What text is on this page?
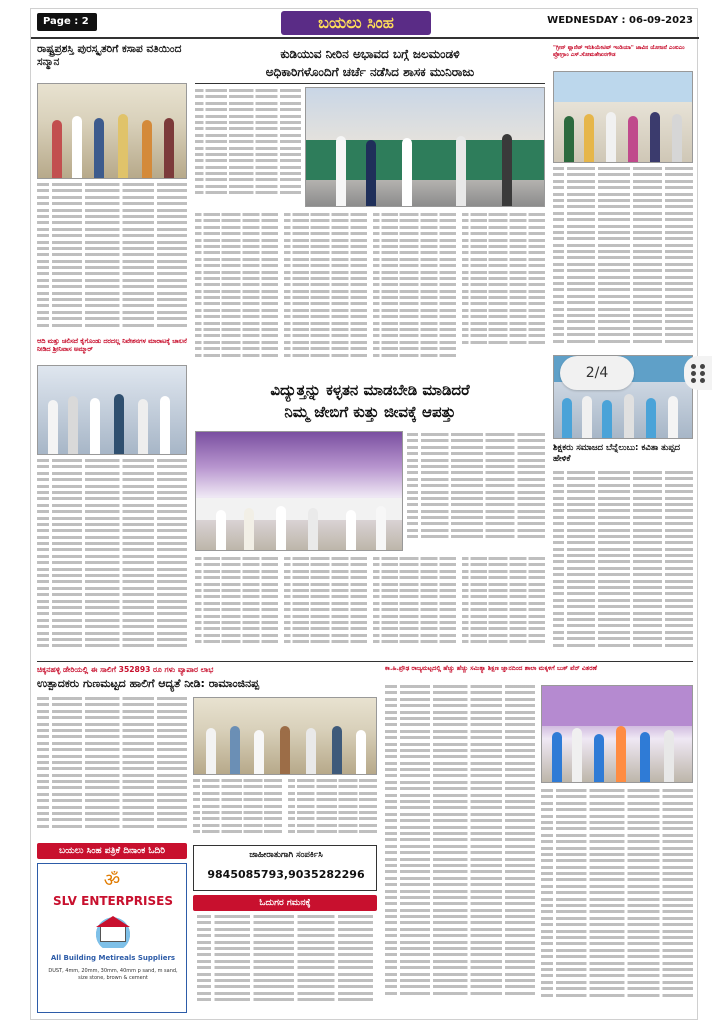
Page : 2	ಬಯಲು ಸಿಂಹ	WEDNESDAY : 06-09-2023
ರಾಷ್ಟ್ರಪ್ರಶಸ್ತಿ ಪುರಸ್ಕೃತರಿಗೆ ಕಸಾಪ ವತಿಯಿಂದ ಸನ್ಮಾನ
ಆದಿ ಮತ್ತು ಚಲಿಸದೆ ಕೈಗೊಂಡು ದರದಲ್ಲ ನಿವೇಶನಗಳ ಮಾರಾಟಕ್ಕೆ ಚಾಲನೆ ನೀಡಿದ ಶ್ರೀನಿವಾಸ ಅಮ್ಮಾರ್
ಕುಡಿಯುವ ನೀರಿನ ಅಭಾವದ ಬಗ್ಗೆ ಜಲಮಂಡಳಿ
ಅಧಿಕಾರಿಗಳೊಂದಿಗೆ ಚರ್ಚೆ ನಡೆಸಿದ ಶಾಸಕ ಮುನಿರಾಜು
ವಿದ್ಯುತ್ತನ್ನು ಕಳ್ಳತನ ಮಾಡಬೇಡಿ ಮಾಡಿದರೆ
ನಿಮ್ಮ ಜೇಬಿಗೆ ಕುತ್ತು ಜೀವಕ್ಕೆ ಆಪತ್ತು
"ಗ್ರೀನ್ ಪ್ಲಾನೆಟ್ ಇನಿಶಿಯೇಟಿವ್ ಇಂಡಿಯಾ" ಜಾವಿನ ಯೋಜನೆ ಎಂಐಎಂ ಪ್ರೋಗ್ರಾಂ ಎಸ್.ಸೋಮಶೇಖರಗೌಡ
ಶಿಕ್ಷಕರು ಸಮಾಜದ ಬೆನ್ನೆಲುಬು: ಕವಿತಾ ತುಪ್ಪದ ಹೇಳಿಕೆ
ಚಿಕ್ಕನಹಳ್ಳಿ ಡೇರಿಯಲ್ಲಿ ಈ ಸಾಲಿಗೆ 352893 ರೂ ಗಳು ವ್ಯಾಪಾರ ಲಾಭ
ಉತ್ಪಾದಕರು ಗುಣಮಟ್ಟದ ಹಾಲಿಗೆ ಆದ್ಯತೆ ನೀಡಿ: ರಾಮಾಂಜಿನಪ್ಪ
ಬಯಲು ಸಿಂಹ ಪತ್ರಿಕೆ ದಿನಾಂಕ ಓದಿರಿ
ॐ
SLV ENTERPRISES
All Building Metireals Suppliers
DUST, 4mm, 20mm, 30mm, 40mm p sand, m sand, size stone, brown & cement
ಜಾಹೀರಾತುಗಾಗಿ ಸಂಪರ್ಕಿಸಿ
9845085793,9035282296
ಓದುಗರ ಗಮನಕ್ಕೆ
ಕಾ.ಹಿ.ಪ್ರೌಢ ರಾಜ್ಯಮಟ್ಟದಲ್ಲಿ ಹೆಚ್ಚು ಹೆಚ್ಚು ಸಮಿತ್ಯಾ ಶಿಕ್ಷಣ ಜ್ಞಾನದಿಂದ ಶಾಲಾ ಮಕ್ಕಳಿಗೆ ಬುಕ್ ಪೆನ್ ವಿತರಣೆ
2/4
